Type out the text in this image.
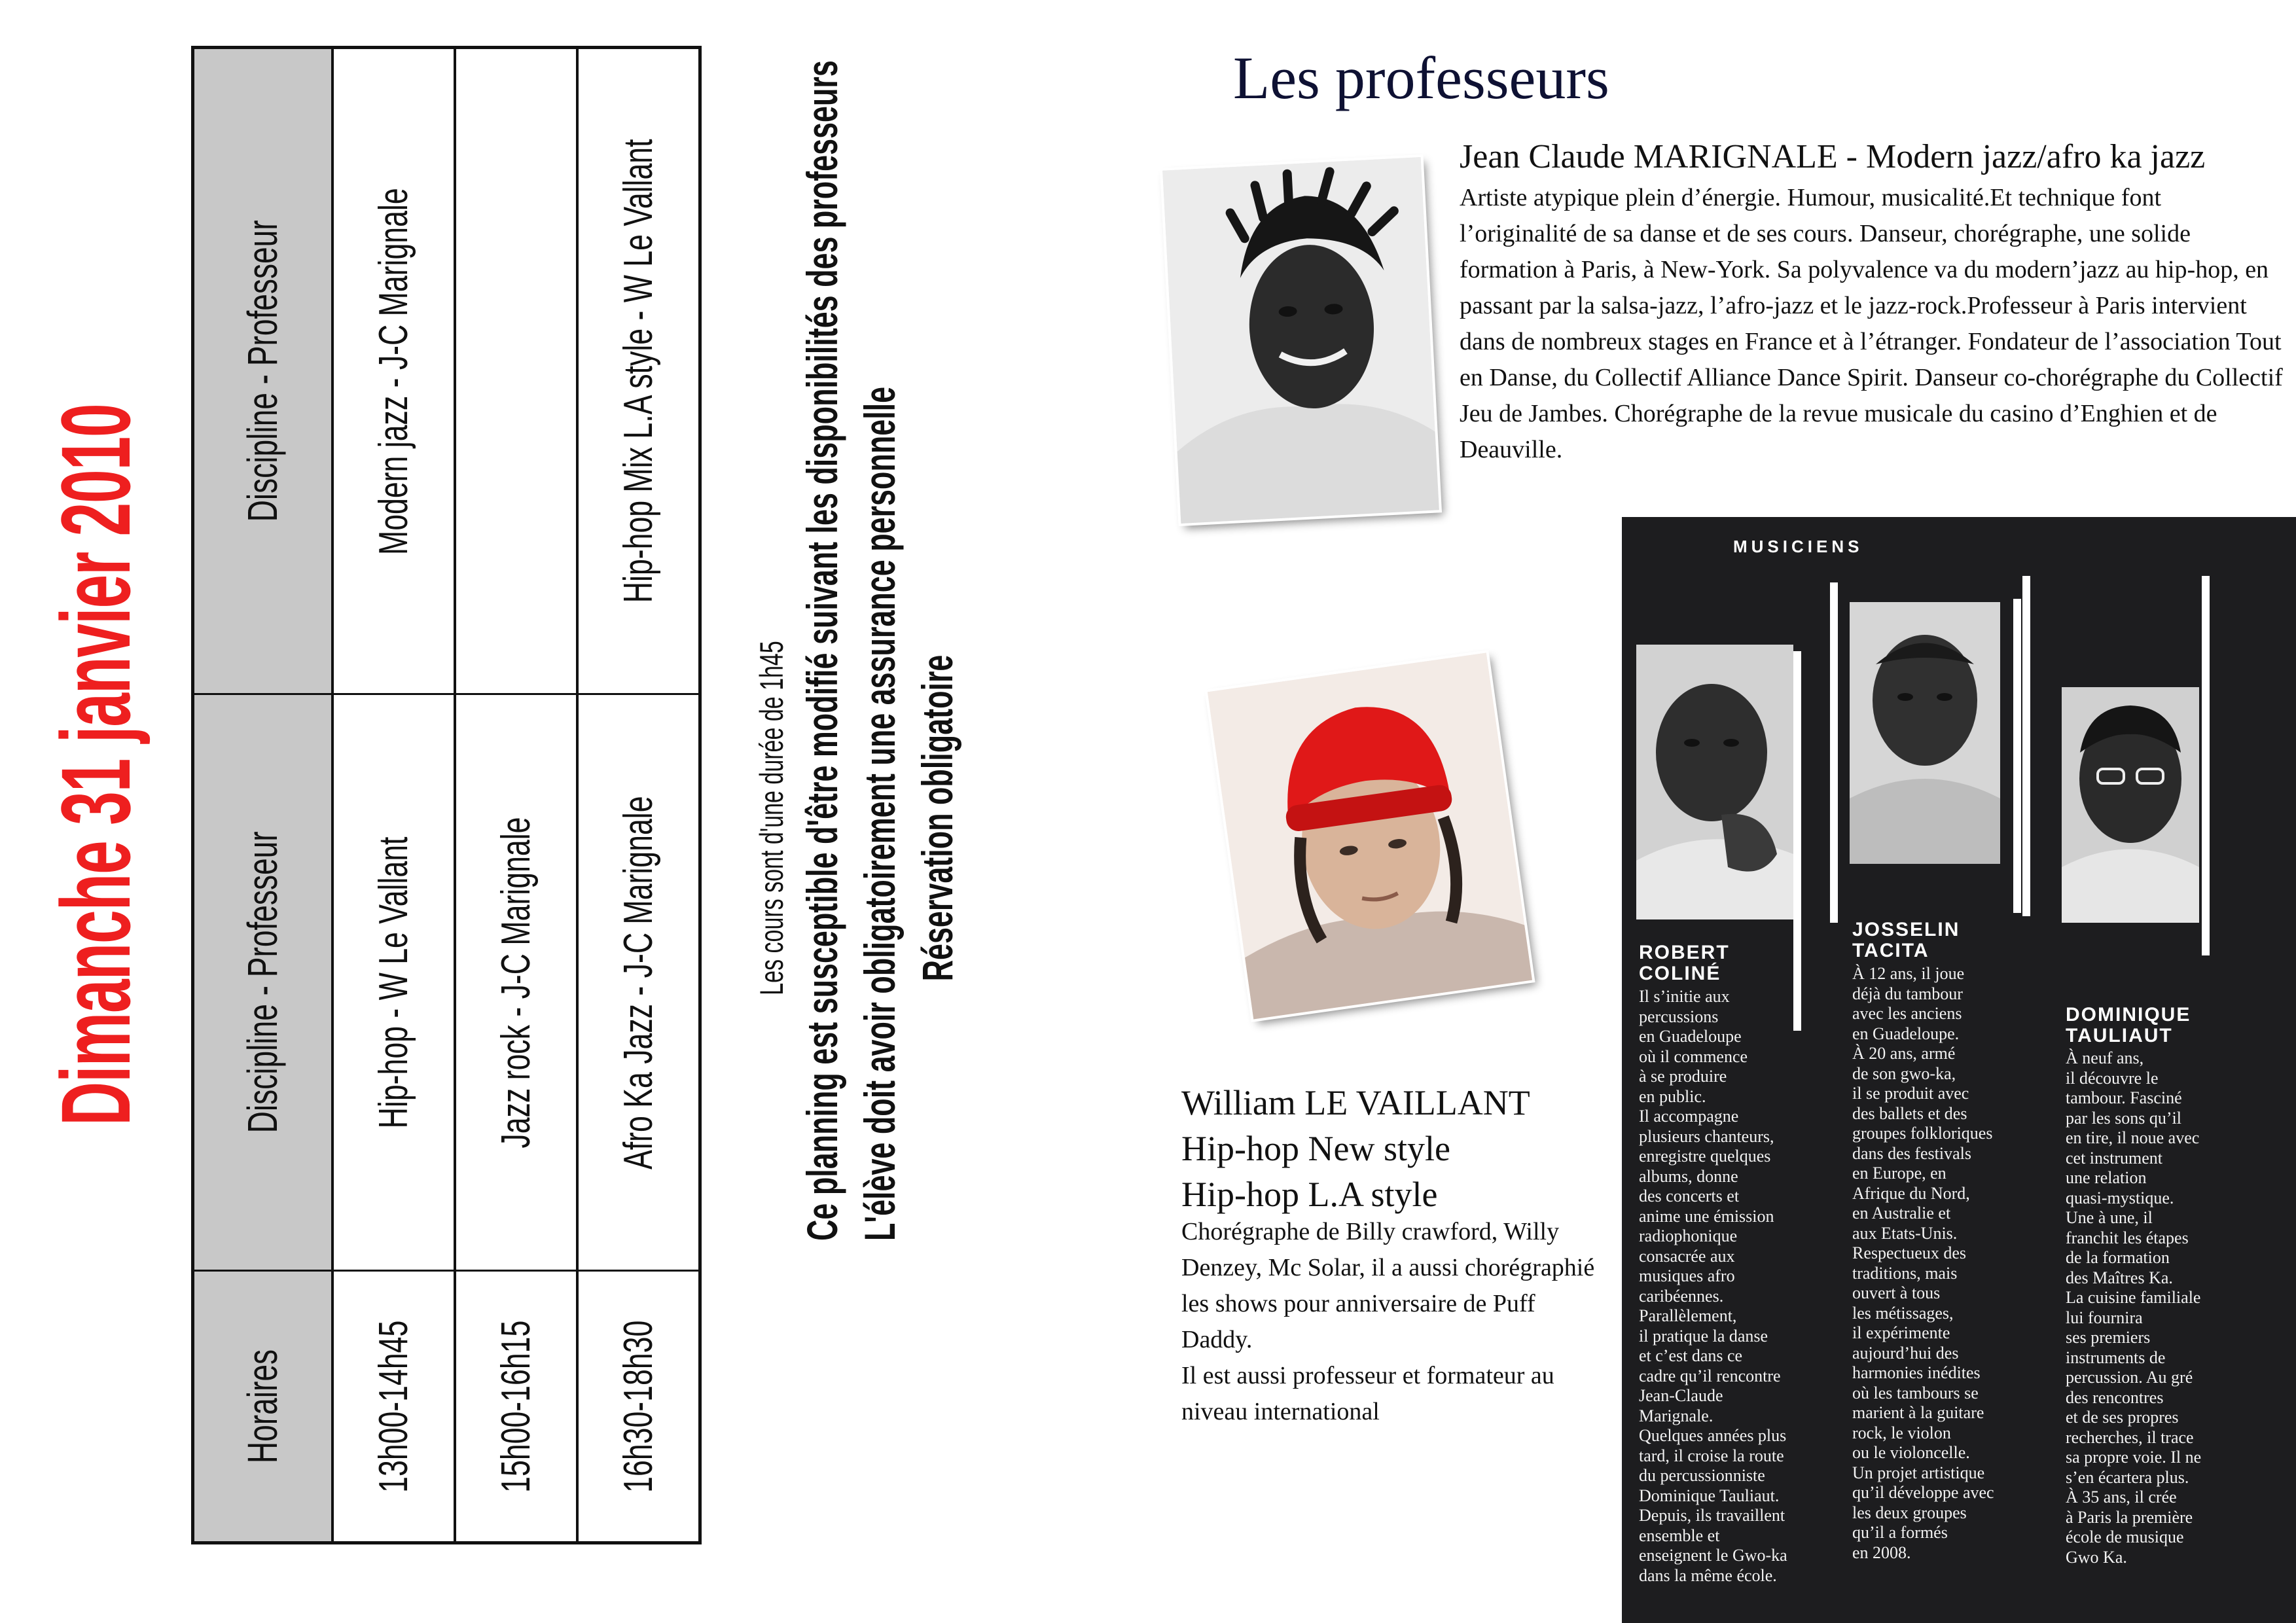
Dimanche 31 janvier 2010
Horaires	Discipline - Professeur	Discipline - Professeur
13h00-14h45	Hip-hop - W Le Vallant	Modern jazz - J-C Marignale
15h00-16h15	Jazz rock - J-C Marignale	
16h30-18h30	Afro Ka Jazz - J-C Marignale	Hip-hop Mix L.A style - W Le Vallant
Les cours sont d'une durée de 1h45 Ce planning est susceptible d'être modifié suivant les disponibilités des professeurs L'élève doit avoir obligatoirement une assurance personnelle Réservation obligatoire
Les professeurs
Jean Claude MARIGNALE - Modern jazz/afro ka jazz
Artiste atypique plein d’énergie. Humour, musicalité.Et technique font l’originalité de sa danse et de ses cours. Danseur, chorégraphe, une solide formation à Paris, à New-York. Sa polyvalence va du modern’jazz au hip-hop, en passant par la salsa-jazz, l’afro-jazz et le jazz-rock.Professeur à Paris intervient dans de nombreux stages en France et à l’étranger. Fondateur de l’association Tout en Danse, du Collectif Alliance Dance Spirit. Danseur co-chorégraphe du Collectif Jeu de Jambes. Chorégraphe de la revue musicale du casino d’Enghien et de Deauville.
William LE VAILLANT
Hip-hop New style
Hip-hop L.A style
Chorégraphe de Billy crawford, Willy Denzey, Mc Solar, il a aussi chorégraphié les shows pour anniversaire de Puff Daddy.
Il est aussi professeur et formateur au niveau international
MUSICIENS
ROBERT
COLINÉ
Il s’initie aux
percussions
en Guadeloupe
où il commence
à se produire
en public.
Il accompagne
plusieurs chanteurs,
enregistre quelques
albums, donne
des concerts et
anime une émission
radiophonique
consacrée aux
musiques afro
caribéennes.
Parallèlement,
il pratique la danse
et c’est dans ce
cadre qu’il rencontre
Jean-Claude
Marignale.
Quelques années plus
tard, il croise la route
du percussionniste
Dominique Tauliaut.
Depuis, ils travaillent
ensemble et
enseignent le Gwo-ka
dans la même école.
JOSSELIN
TACITA
À 12 ans, il joue
déjà du tambour
avec les anciens
en Guadeloupe.
À 20 ans, armé
de son gwo-ka,
il se produit avec
des ballets et des
groupes folkloriques
dans des festivals
en Europe, en
Afrique du Nord,
en Australie et
aux Etats-Unis.
Respectueux des
traditions, mais
ouvert à tous
les métissages,
il expérimente
aujourd’hui des
harmonies inédites
où les tambours se
marient à la guitare
rock, le violon
ou le violoncelle.
Un projet artistique
qu’il développe avec
les deux groupes
qu’il a formés
en 2008.
DOMINIQUE
TAULIAUT
À neuf ans,
il découvre le
tambour. Fasciné
par les sons qu’il
en tire, il noue avec
cet instrument
une relation
quasi-mystique.
Une à une, il
franchit les étapes
de la formation
des Maîtres Ka.
La cuisine familiale
lui fournira
ses premiers
instruments de
percussion. Au gré
des rencontres
et de ses propres
recherches, il trace
sa propre voie. Il ne
s’en écartera plus.
À 35 ans, il crée
à Paris la première
école de musique
Gwo Ka.
